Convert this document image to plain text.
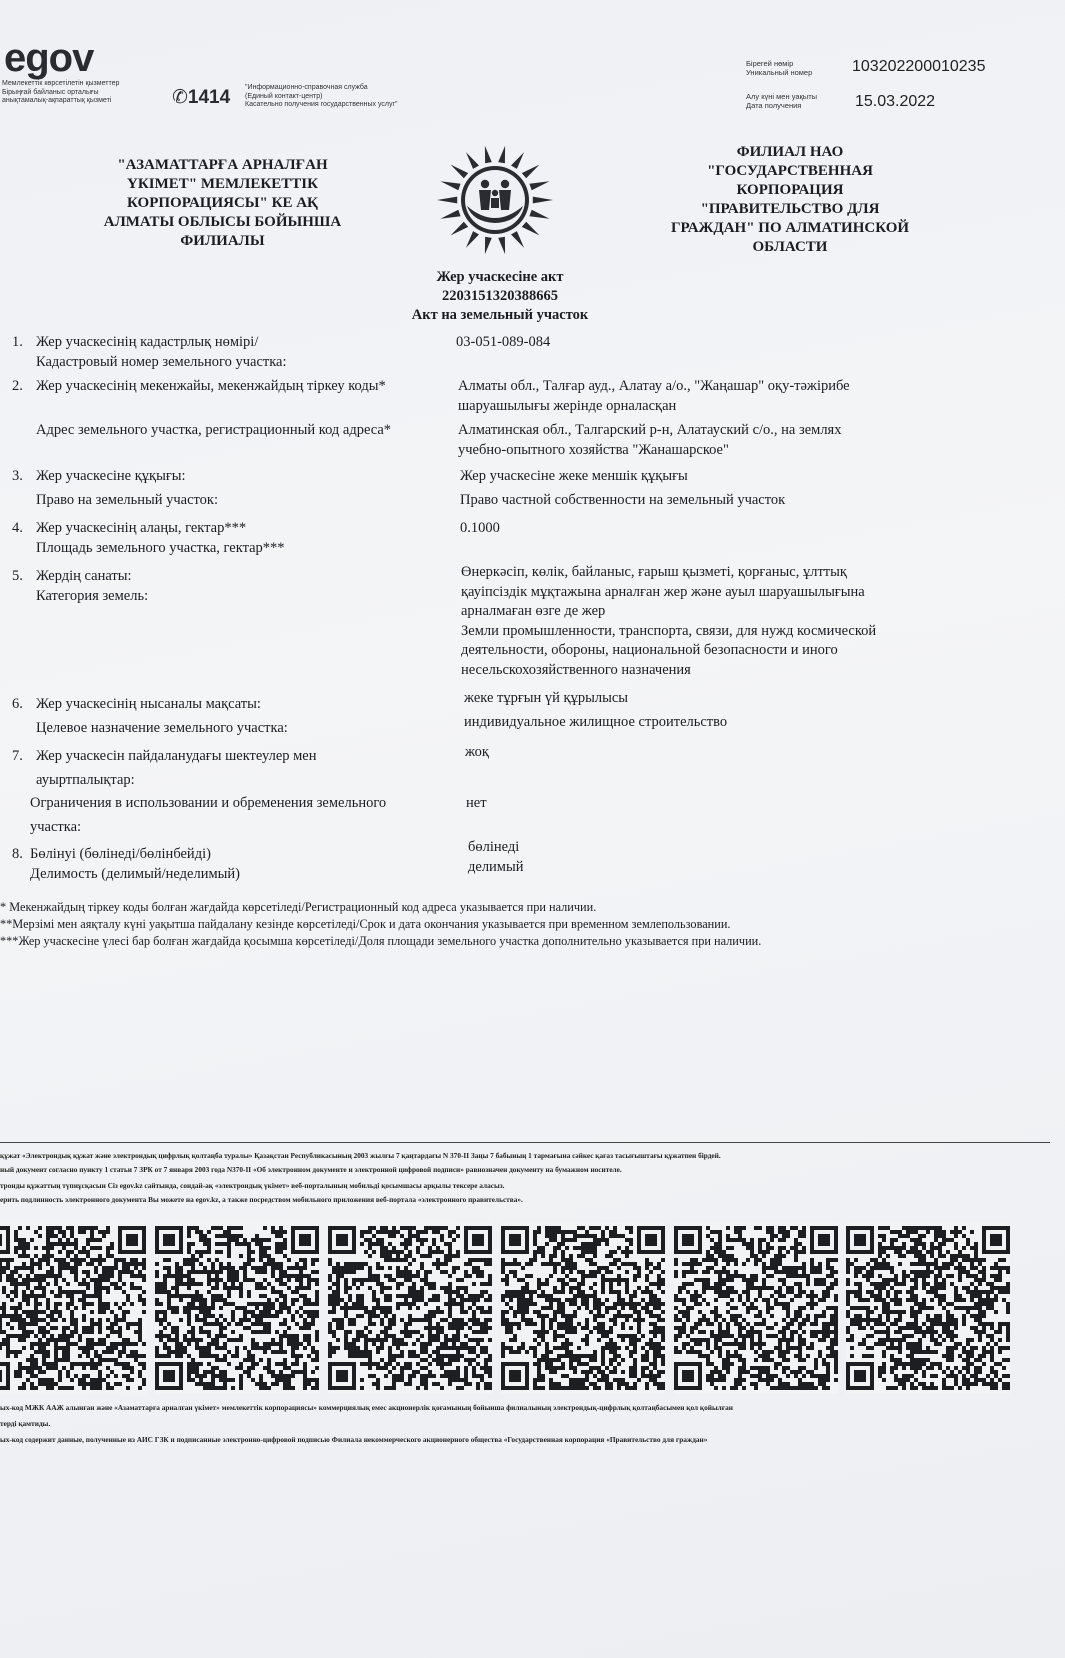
egov
Мемлекеттік көрсетілетін қызметтер
Бірыңғай байланыс орталығы
анықтамалық-ақпараттық қызметі	✆1414 "Информационно-справочная служба
(Единый контакт-центр)
Касательно получения государственных услуг"
Бірегей нөмір
Уникальный номер	103202200010235
Алу күні мен уақыты
Дата получения	15.03.2022
"АЗАМАТТАРҒА АРНАЛҒАН
ҮКІМЕТ" МЕМЛЕКЕТТІК
КОРПОРАЦИЯСЫ" КЕ АҚ
АЛМАТЫ ОБЛЫСЫ БОЙЫНША
ФИЛИАЛЫ
ФИЛИАЛ НАО
"ГОСУДАРСТВЕННАЯ
КОРПОРАЦИЯ
"ПРАВИТЕЛЬСТВО ДЛЯ
ГРАЖДАН" ПО АЛМАТИНСКОЙ
ОБЛАСТИ
Жер учаскесіне акт
2203151320388665
Акт на земельный участок
1. Жер учаскесінің кадастрлық нөмірі/
Кадастровый номер земельного участка:
03-051-089-084
2. Жер учаскесінің мекенжайы, мекенжайдың тіркеу коды*	Алматы обл., Талғар ауд., Алатау а/о., "Жаңашар" оқу-тәжірибе
шаруашылығы жерінде орналасқан
Адрес земельного участка, регистрационный код адреса*	Алматинская обл., Талгарский р-н, Алатауский с/о., на землях
учебно-опытного хозяйства "Жанашарское"
3. Жер учаскесіне құқығы:
Право на земельный участок:
Жер учаскесіне жеке меншік құқығы
Право частной собственности на земельный участок
4. Жер учаскесінің алаңы, гектар***
Площадь земельного участка, гектар***
0.1000
5. Жердің санаты:
Категория земель:
Өнеркәсіп, көлік, байланыс, ғарыш қызметі, қорғаныс, ұлттық
қауіпсіздік мұқтажына арналған жер және ауыл шаруашылығына
арналмаған өзге де жер
Земли промышленности, транспорта, связи, для нужд космической
деятельности, обороны, национальной безопасности и иного
несельскохозяйственного назначения
6. Жер учаскесінің нысаналы мақсаты:
Целевое назначение земельного участка:
жеке тұрғын үй құрылысы
индивидуальное жилищное строительство
7. Жер учаскесін пайдаланудағы шектеулер мен
ауыртпалықтар:
жоқ
Ограничения в использовании и обременения земельного
участка:
нет
8. Бөлінуі (бөлінеді/бөлінбейді)
Делимость (делимый/неделимый)
бөлінеді
делимый
* Мекенжайдың тіркеу коды болған жағдайда көрсетіледі/Регистрационный код адреса указывается при наличии.
**Мерзімі мен аяқталу күні уақытша пайдалану кезінде көрсетіледі/Срок и дата окончания указывается при временном землепользовании.
***Жер учаскесіне үлесі бар болған жағдайда қосымша көрсетіледі/Доля площади земельного участка дополнительно указывается при наличии.
құжат «Электрондық құжат және электрондық цифрлық қолтаңба туралы» Қазақстан Республикасының 2003 жылғы 7 қаңтардағы N 370-II Заңы 7 бабының 1 тармағына сәйкес қағаз тасығыштағы құжатпен бірдей.
ный документ согласно пункту 1 статьи 7 ЗРК от 7 января 2003 года N370-II «Об электронном документе и электронной цифровой подписи» равнозначен документу на бумажном носителе.
тронды құжаттың түпнұсқасын Сіз egov.kz сайтында, сондай-ақ «электрондық үкімет» веб-порталының мобильді қосымшасы арқылы тексере аласыз.
ерить подлинность электронного документа Вы можете на egov.kz, а также посредством мобильного приложения веб-портала «электронного правительства».
ых-код МЖК ААЖ алынған және «Азаматтарға арналған үкімет» мемлекеттік корпорациясы» коммерциялық емес акционерлік қоғамының бойынша филиалының электрондық-цифрлық қолтаңбасымен қол қойылған
терді қамтиды.
ых-код содержит данные, полученные из АИС ГЗК и подписанные электронно-цифровой подписью Филиала некоммерческого акционерного общества «Государственная корпорация «Правительство для граждан»
